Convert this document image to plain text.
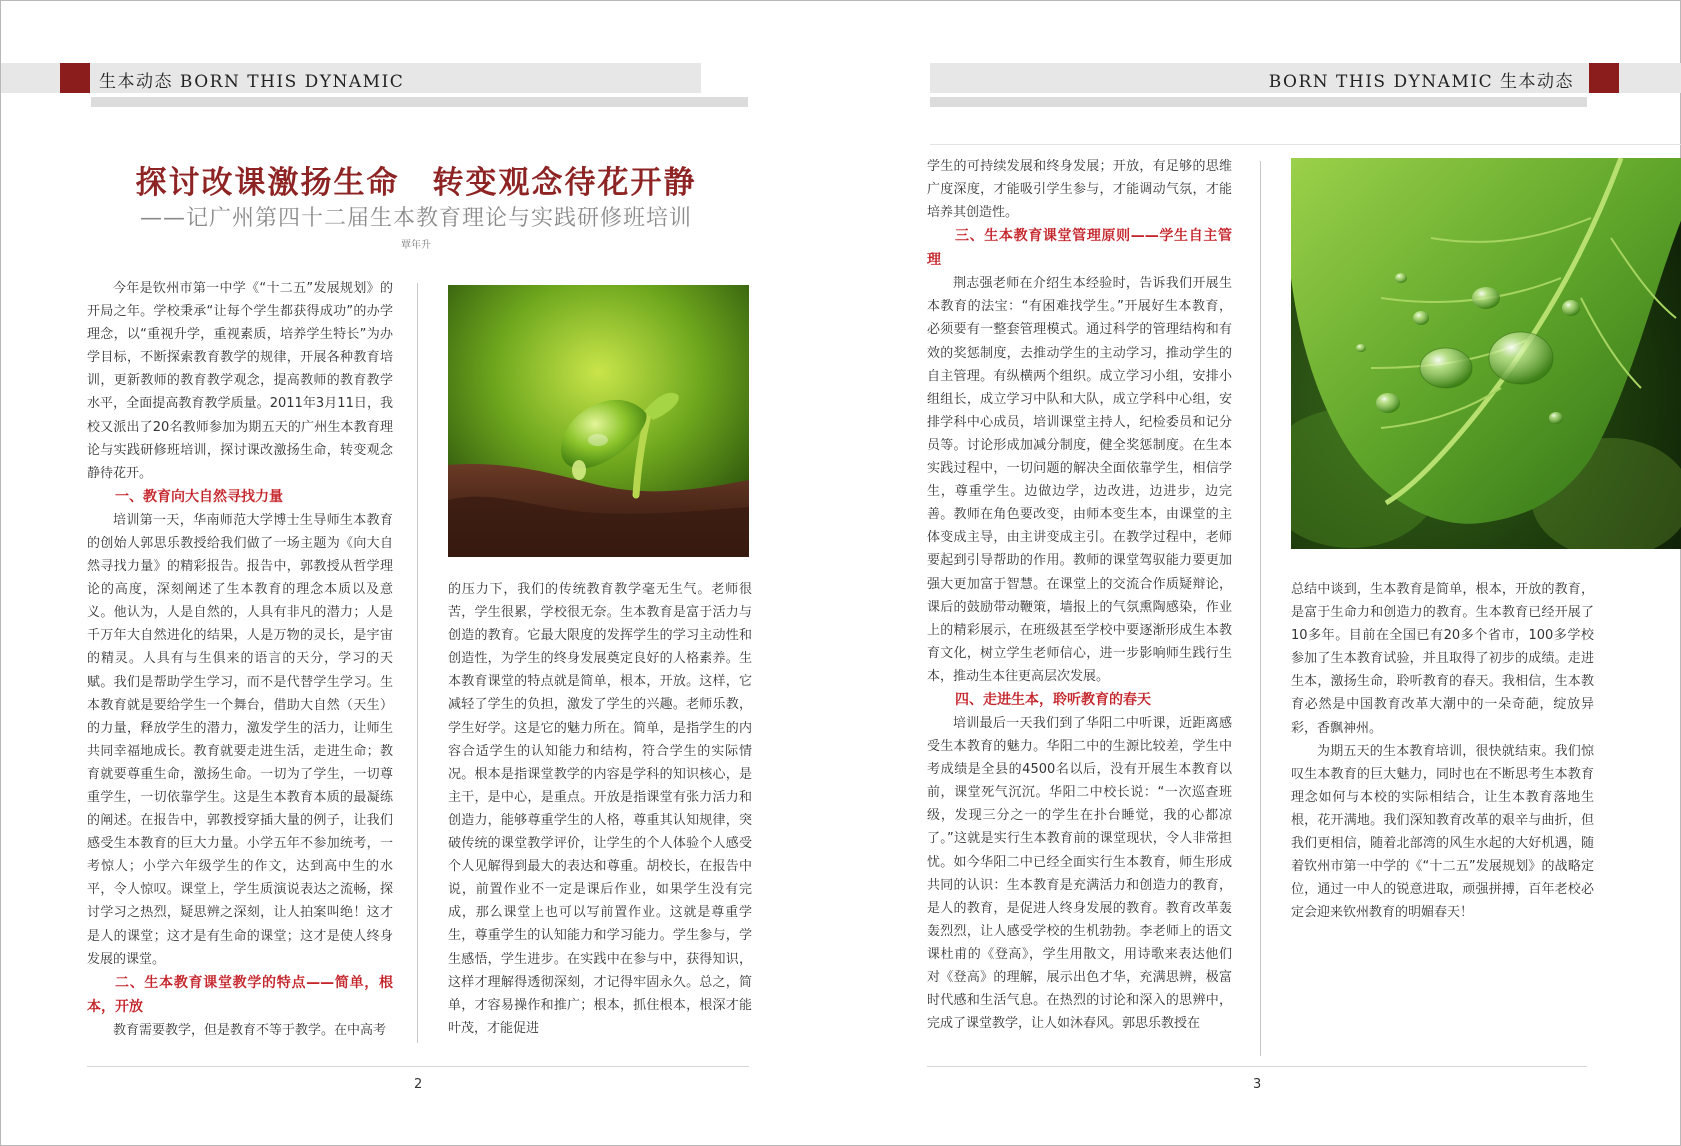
生本动态 BORN THIS DYNAMIC	BORN THIS DYNAMIC 生本动态
探讨改课激扬生命　转变观念待花开静
——记广州第四十二届生本教育理论与实践研修班培训
覃年升

今年是钦州市第一中学《“十二五”发展规划》的开局之年。学校秉承“让每个学生都获得成功”的办学理念，以“重视升学，重视素质，培养学生特长”为办学目标，不断探索教育教学的规律，开展各种教育培训，更新教师的教育教学观念，提高教师的教育教学水平，全面提高教育教学质量。2011年3月11日，我校又派出了20名教师参加为期五天的广州生本教育理论与实践研修班培训，探讨课改激扬生命，转变观念静待花开。

一、教育向大自然寻找力量

培训第一天，华南师范大学博士生导师生本教育的创始人郭思乐教授给我们做了一场主题为《向大自然寻找力量》的精彩报告。报告中，郭教授从哲学理论的高度，深刻阐述了生本教育的理念本质以及意义。他认为，人是自然的，人具有非凡的潜力；人是千万年大自然进化的结果，人是万物的灵长，是宇宙的精灵。人具有与生俱来的语言的天分，学习的天赋。我们是帮助学生学习，而不是代替学生学习。生本教育就是要给学生一个舞台，借助大自然（天生）的力量，释放学生的潜力，激发学生的活力，让师生共同幸福地成长。教育就要走进生活，走进生命；教育就要尊重生命，激扬生命。一切为了学生，一切尊重学生，一切依靠学生。这是生本教育本质的最凝练的阐述。在报告中，郭教授穿插大量的例子，让我们感受生本教育的巨大力量。小学五年不参加统考，一考惊人；小学六年级学生的作文，达到高中生的水平，令人惊叹。课堂上，学生质演说表达之流畅，探讨学习之热烈，疑思辨之深刻，让人拍案叫绝！这才是人的课堂；这才是有生命的课堂；这才是使人终身发展的课堂。

二、生本教育课堂教学的特点——简单，根本，开放

教育需要教学，但是教育不等于教学。在中高考

的压力下，我们的传统教育教学毫无生气。老师很苦，学生很累，学校很无奈。生本教育是富于活力与创造的教育。它最大限度的发挥学生的学习主动性和创造性，为学生的终身发展奠定良好的人格素养。生本教育课堂的特点就是简单，根本，开放。这样，它减轻了学生的负担，激发了学生的兴趣。老师乐教，学生好学。这是它的魅力所在。简单，是指学生的内容合适学生的认知能力和结构，符合学生的实际情况。根本是指课堂教学的内容是学科的知识核心，是主干，是中心，是重点。开放是指课堂有张力活力和创造力，能够尊重学生的人格，尊重其认知规律，突破传统的课堂教学评价，让学生的个人体验个人感受个人见解得到最大的表达和尊重。胡校长，在报告中说，前置作业不一定是课后作业，如果学生没有完成，那么课堂上也可以写前置作业。这就是尊重学生，尊重学生的认知能力和学习能力。学生参与，学生感悟，学生进步。在实践中在参与中，获得知识，这样才理解得透彻深刻，才记得牢固永久。总之，简单，才容易操作和推广；根本，抓住根本，根深才能叶茂，才能促进

学生的可持续发展和终身发展；开放，有足够的思维广度深度，才能吸引学生参与，才能调动气氛，才能培养其创造性。

三、生本教育课堂管理原则——学生自主管理

荆志强老师在介绍生本经验时，告诉我们开展生本教育的法宝：“有困难找学生。”开展好生本教育，必须要有一整套管理模式。通过科学的管理结构和有效的奖惩制度，去推动学生的主动学习，推动学生的自主管理。有纵横两个组织。成立学习小组，安排小组组长，成立学习中队和大队，成立学科中心组，安排学科中心成员，培训课堂主持人，纪检委员和记分员等。讨论形成加减分制度，健全奖惩制度。在生本实践过程中，一切问题的解决全面依靠学生，相信学生，尊重学生。边做边学，边改进，边进步，边完善。教师在角色要改变，由师本变生本，由课堂的主体变成主导，由主讲变成主引。在教学过程中，老师要起到引导帮助的作用。教师的课堂驾驭能力要更加强大更加富于智慧。在课堂上的交流合作质疑辩论，课后的鼓励带动鞭策，墙报上的气氛熏陶感染，作业上的精彩展示，在班级甚至学校中要逐渐形成生本教育文化，树立学生老师信心，进一步影响师生践行生本，推动生本往更高层次发展。

四、走进生本，聆听教育的春天

培训最后一天我们到了华阳二中听课，近距离感受生本教育的魅力。华阳二中的生源比较差，学生中考成绩是全县的4500名以后，没有开展生本教育以前，课堂死气沉沉。华阳二中校长说：“一次巡查班级，发现三分之一的学生在扑台睡觉，我的心都凉了。”这就是实行生本教育前的课堂现状，令人非常担忧。如今华阳二中已经全面实行生本教育，师生形成共同的认识：生本教育是充满活力和创造力的教育，是人的教育，是促进人终身发展的教育。教育改革轰轰烈烈，让人感受学校的生机勃勃。李老师上的语文课杜甫的《登高》，学生用散文，用诗歌来表达他们对《登高》的理解，展示出色才华，充满思辨，极富时代感和生活气息。在热烈的讨论和深入的思辨中，完成了课堂教学，让人如沐春风。郭思乐教授在

总结中谈到，生本教育是简单，根本，开放的教育，是富于生命力和创造力的教育。生本教育已经开展了10多年。目前在全国已有20多个省市，100多学校参加了生本教育试验，并且取得了初步的成绩。走进生本，激扬生命，聆听教育的春天。我相信，生本教育必然是中国教育改革大潮中的一朵奇葩，绽放异彩，香飘神州。

为期五天的生本教育培训，很快就结束。我们惊叹生本教育的巨大魅力，同时也在不断思考生本教育理念如何与本校的实际相结合，让生本教育落地生根，花开满地。我们深知教育改革的艰辛与曲折，但我们更相信，随着北部湾的风生水起的大好机遇，随着钦州市第一中学的《“十二五”发展规划》的战略定位，通过一中人的锐意进取，顽强拼搏，百年老校必定会迎来钦州教育的明媚春天！

2	3
